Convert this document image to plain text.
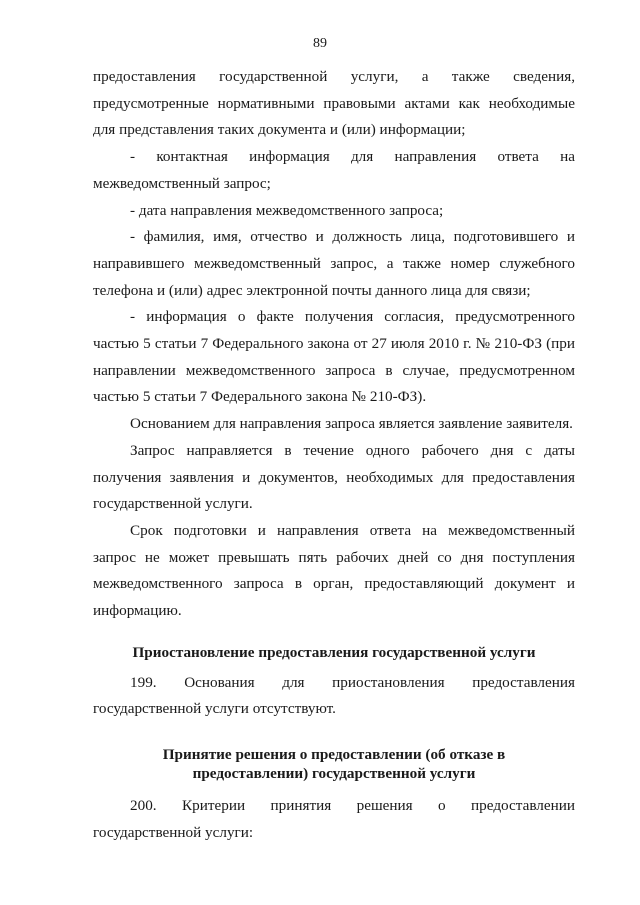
89

предоставления государственной услуги, а также сведения, предусмотренные нормативными правовыми актами как необходимые для представления таких документа и (или) информации;

- контактная информация для направления ответа на межведомственный запрос;

- дата направления межведомственного запроса;

- фамилия, имя, отчество и должность лица, подготовившего и направившего межведомственный запрос, а также номер служебного телефона и (или) адрес электронной почты данного лица для связи;

- информация о факте получения согласия, предусмотренного частью 5 статьи 7 Федерального закона от 27 июля 2010 г. № 210-ФЗ (при направлении межведомственного запроса в случае, предусмотренном частью 5 статьи 7 Федерального закона № 210-ФЗ).

Основанием для направления запроса является заявление заявителя.

Запрос направляется в течение одного рабочего дня с даты получения заявления и документов, необходимых для предоставления государственной услуги.

Срок подготовки и направления ответа на межведомственный запрос не может превышать пять рабочих дней со дня поступления межведомственного запроса в орган, предоставляющий документ и информацию.

Приостановление предоставления государственной услуги

199. Основания для приостановления предоставления государственной услуги отсутствуют.

Принятие решения о предоставлении (об отказе в
предоставлении) государственной услуги

200. Критерии принятия решения о предоставлении государственной услуги:
